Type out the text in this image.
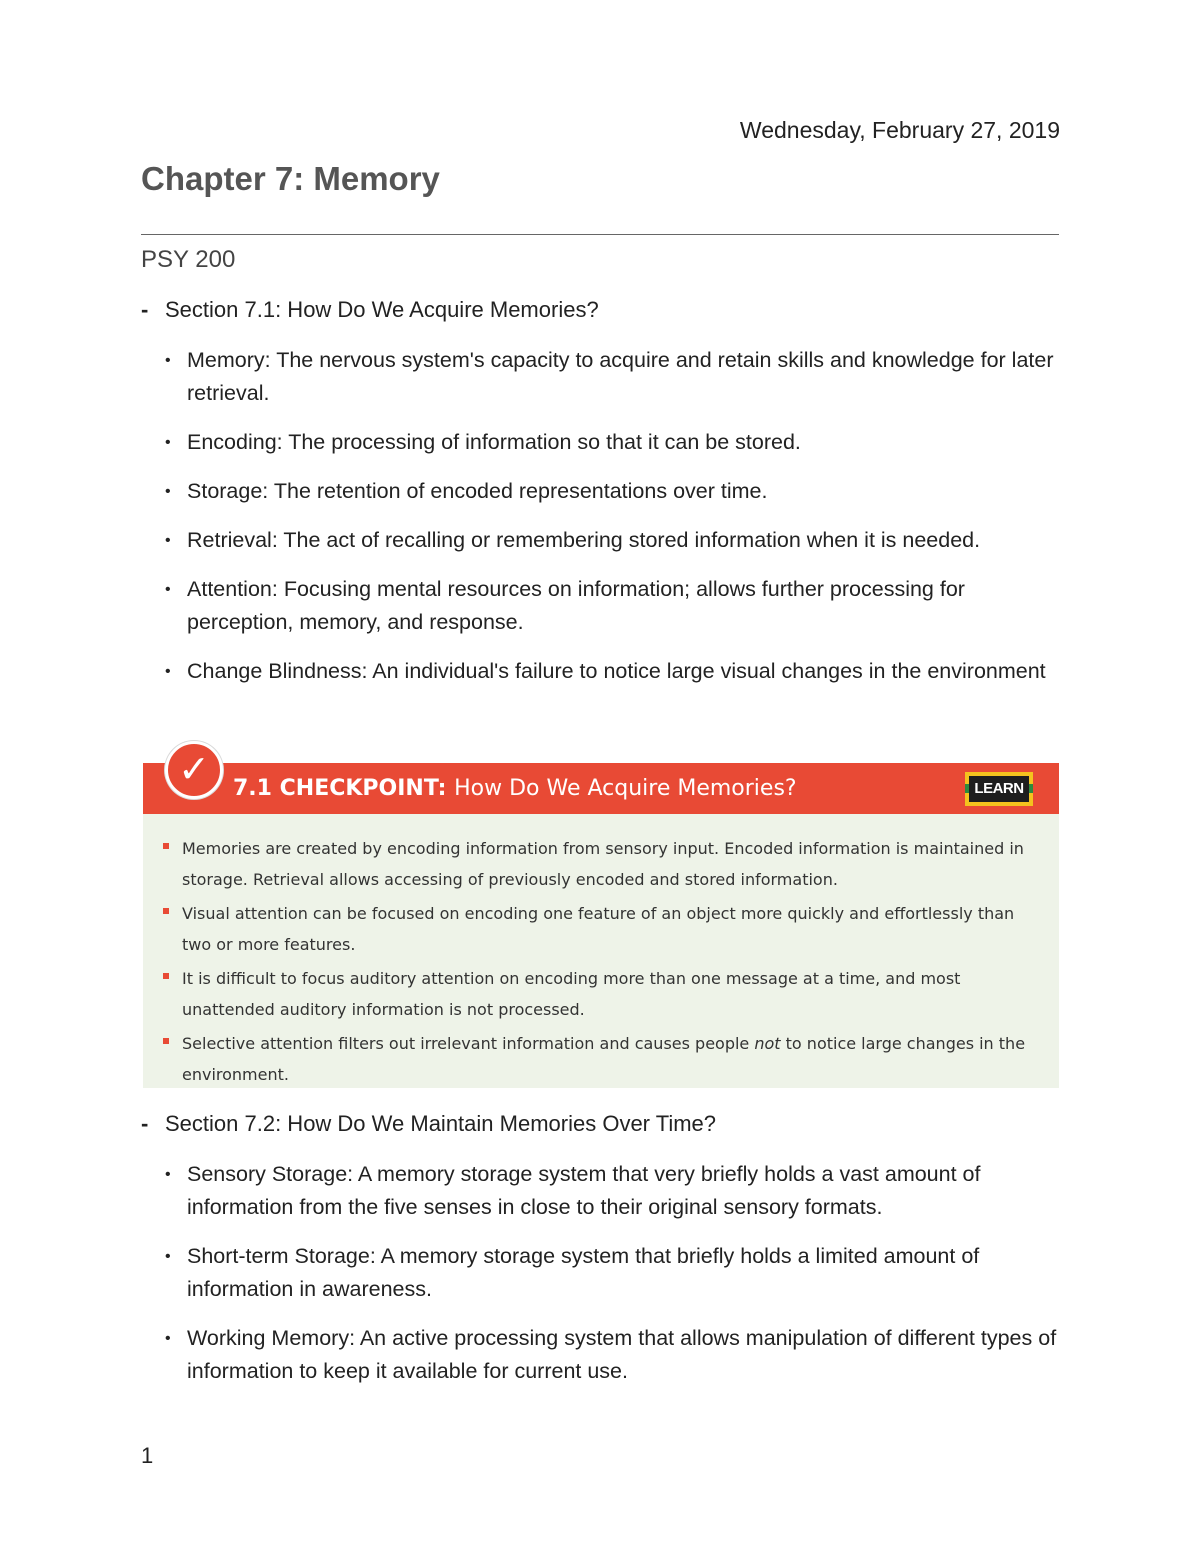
Wednesday, February 27, 2019
Chapter 7: Memory
PSY 200
- Section 7.1: How Do We Acquire Memories?
• Memory: The nervous system's capacity to acquire and retain skills and knowledge for later retrieval.
• Encoding: The processing of information so that it can be stored.
• Storage: The retention of encoded representations over time.
• Retrieval: The act of recalling or remembering stored information when it is needed.
• Attention: Focusing mental resources on information; allows further processing for perception, memory, and response.
• Change Blindness: An individual's failure to notice large visual changes in the environment
7.1 CHECKPOINT: How Do We Acquire Memories?	LEARN
✓
Memories are created by encoding information from sensory input. Encoded information is maintained in storage. Retrieval allows accessing of previously encoded and stored information.
Visual attention can be focused on encoding one feature of an object more quickly and effortlessly than two or more features.
It is difficult to focus auditory attention on encoding more than one message at a time, and most unattended auditory information is not processed.
Selective attention filters out irrelevant information and causes people not to notice large changes in the environment.
- Section 7.2: How Do We Maintain Memories Over Time?
• Sensory Storage: A memory storage system that very briefly holds a vast amount of information from the five senses in close to their original sensory formats.
• Short-term Storage: A memory storage system that briefly holds a limited amount of information in awareness.
• Working Memory: An active processing system that allows manipulation of different types of information to keep it available for current use.
1
